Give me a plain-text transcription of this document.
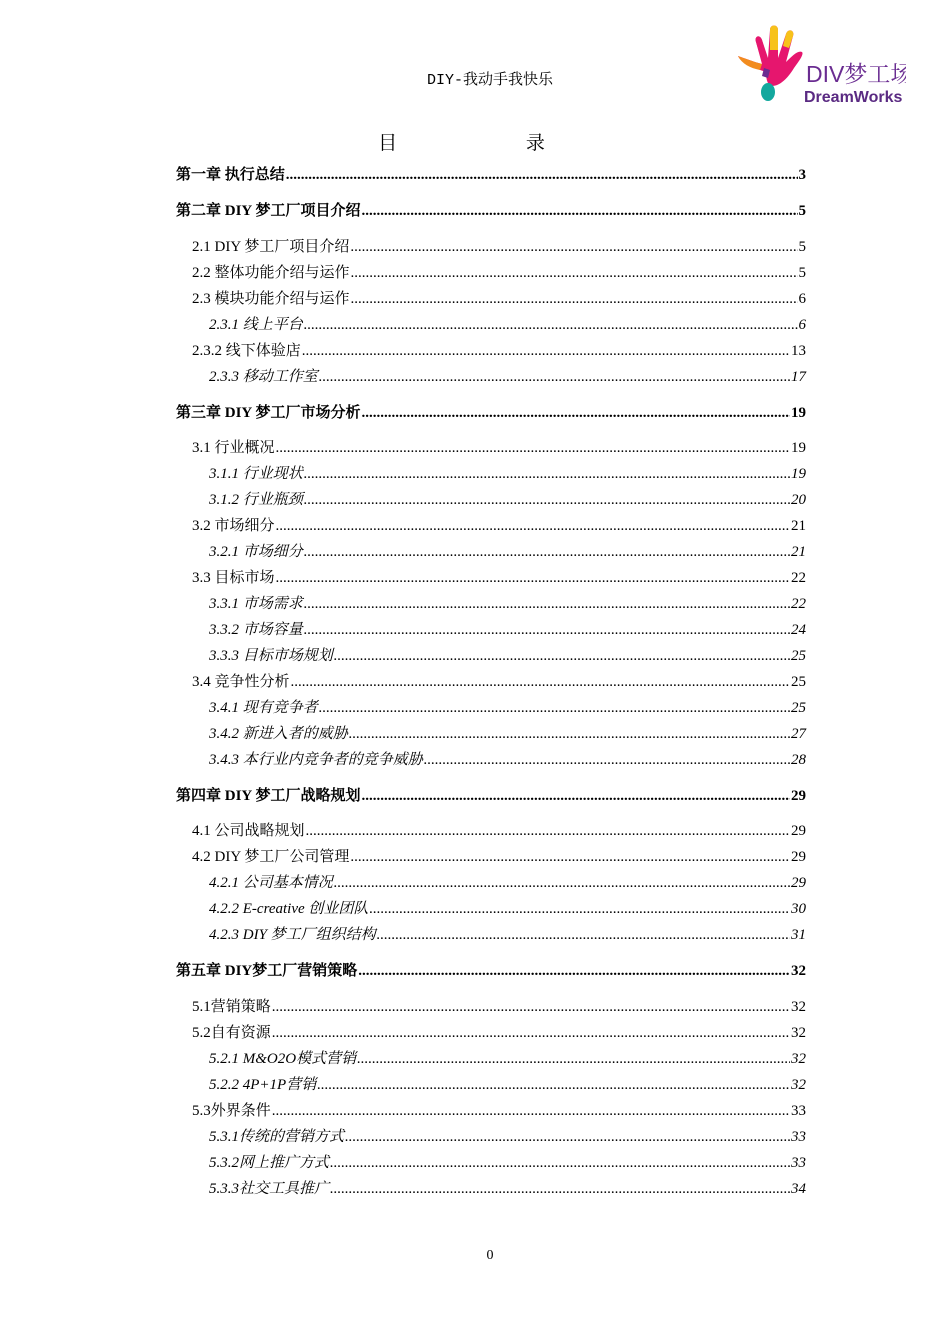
DIY-我动手我快乐	DIV梦工场
DreamWorks
目 录
第一章 执行总结 .....	3
第二章 DIY 梦工厂项目介绍 .....	5
2.1 DIY 梦工厂项目介绍 .....	5
2.2 整体功能介绍与运作 .....	5
2.3 模块功能介绍与运作 .....	6
2.3.1 线上平台 .....	6
2.3.2 线下体验店 .....	13
2.3.3 移动工作室 .....	17
第三章 DIY 梦工厂市场分析 .....	19
3.1 行业概况 .....	19
3.1.1 行业现状 .....	19
3.1.2 行业瓶颈 .....	20
3.2 市场细分 .....	21
3.2.1 市场细分 .....	21
3.3 目标市场 .....	22
3.3.1 市场需求 .....	22
3.3.2 市场容量 .....	24
3.3.3 目标市场规划 .....	25
3.4 竞争性分析 .....	25
3.4.1 现有竞争者 .....	25
3.4.2 新进入者的威胁 .....	27
3.4.3 本行业内竞争者的竞争威胁 .....	28
第四章 DIY 梦工厂战略规划 .....	29
4.1 公司战略规划 .....	29
4.2 DIY 梦工厂公司管理 .....	29
4.2.1 公司基本情况 .....	29
4.2.2 E-creative 创业团队 .....	30
4.2.3 DIY 梦工厂组织结构 .....	31
第五章 DIY梦工厂营销策略 .....	32
5.1营销策略 .....	32
5.2自有资源 .....	32
5.2.1 M&O2O模式营销 .....	32
5.2.2 4P+1P营销 .....	32
5.3外界条件 .....	33
5.3.1传统的营销方式 .....	33
5.3.2网上推广方式 .....	33
5.3.3社交工具推广 .....	34
0
